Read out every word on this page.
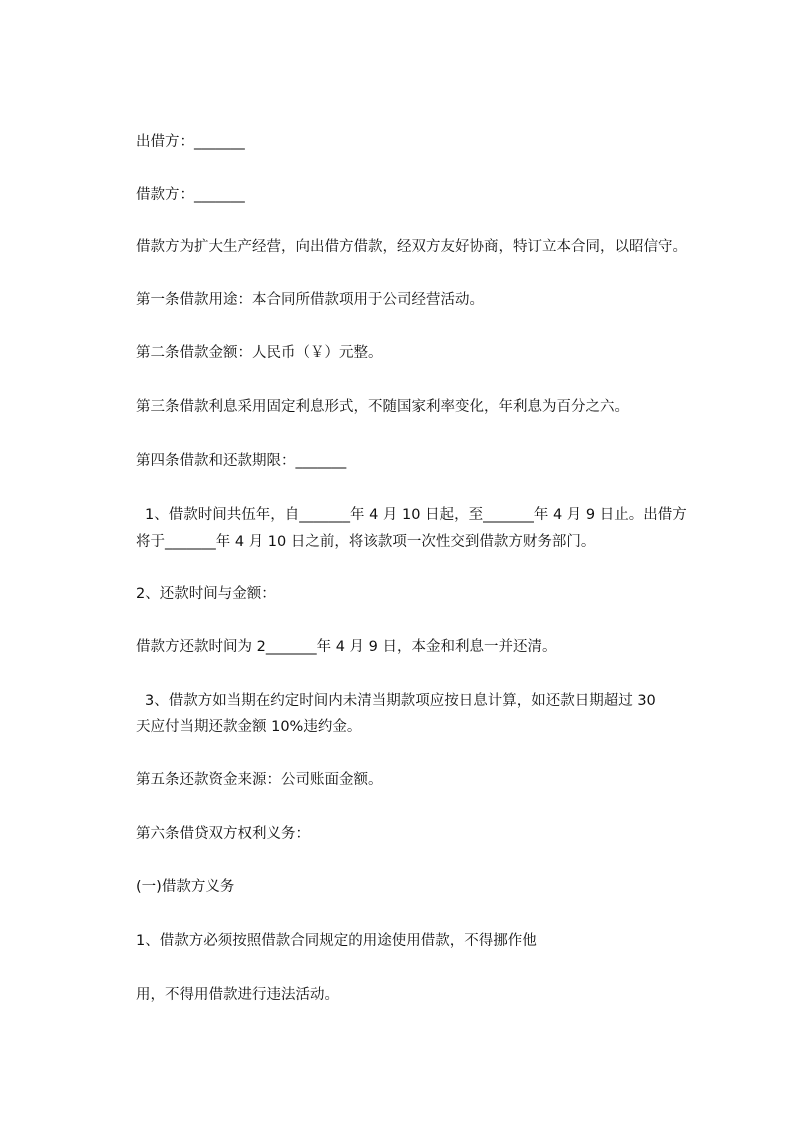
出借方：_______
借款方：_______
借款方为扩大生产经营，向出借方借款，经双方友好协商，特订立本合同，以昭信守。
第一条借款用途：本合同所借款项用于公司经营活动。
第二条借款金额：人民币（￥）元整。
第三条借款利息采用固定利息形式，不随国家利率变化，年利息为百分之六。
第四条借款和还款期限：_______
1、借款时间共伍年，自_______年 4 月 10 日起，至_______年 4 月 9 日止。出借方
将于_______年 4 月 10 日之前，将该款项一次性交到借款方财务部门。
2、还款时间与金额：
借款方还款时间为 2_______年 4 月 9 日，本金和利息一并还清。
3、借款方如当期在约定时间内未清当期款项应按日息计算，如还款日期超过 30
天应付当期还款金额 10%违约金。
第五条还款资金来源：公司账面金额。
第六条借贷双方权利义务：
(一)借款方义务
1、借款方必须按照借款合同规定的用途使用借款，不得挪作他
用，不得用借款进行违法活动。
